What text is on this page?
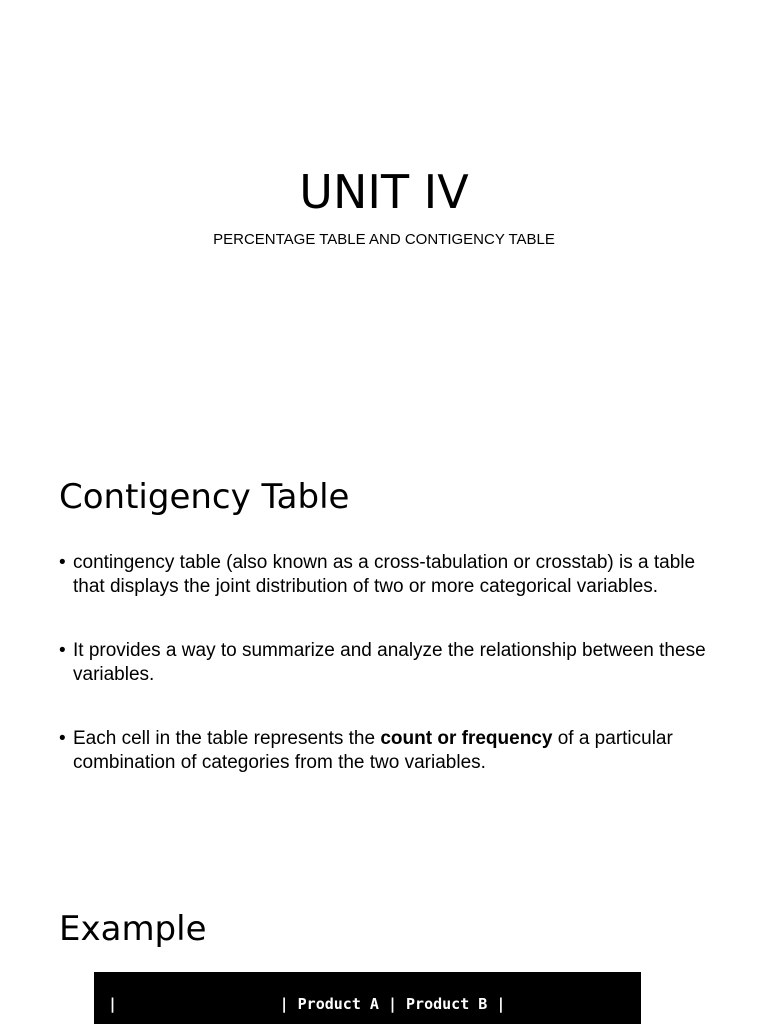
UNIT IV
PERCENTAGE TABLE AND CONTIGENCY TABLE
Contigency Table
• contingency table (also known as a cross-tabulation or crosstab) is a table that displays the joint distribution of two or more categorical variables.
• It provides a way to summarize and analyze the relationship between these variables.
• Each cell in the table represents the count or frequency of a particular combination of categories from the two variables.
Example
|                  | Product A | Product B |
